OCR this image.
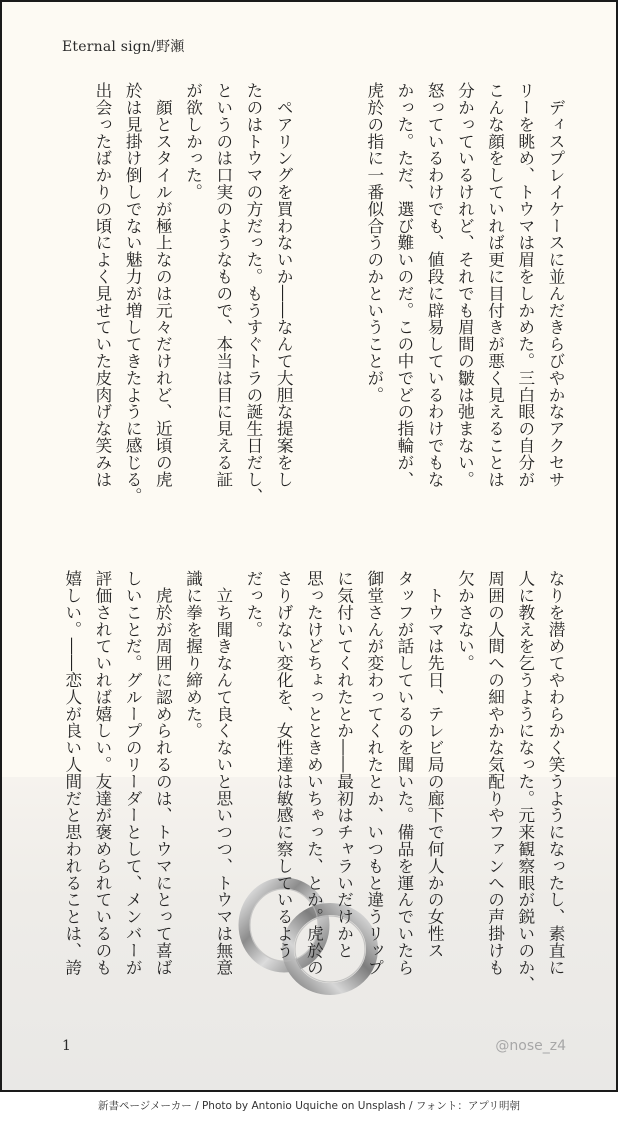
Eternal sign/野瀬
　ディスプレイケースに並んだきらびやかなアクセサ
リーを眺め、トウマは眉をしかめた。三白眼の自分が
こんな顔をしていれば更に目付きが悪く見えることは
分かっているけれど、それでも眉間の皺は弛まない。
怒っているわけでも、値段に辟易しているわけでもな
かった。ただ、選び難いのだ。この中でどの指輪が、
虎於の指に一番似合うのかということが。

　ペアリングを買わないか――なんて大胆な提案をし
たのはトウマの方だった。もうすぐトラの誕生日だし、
というのは口実のようなもので、本当は目に見える証
が欲しかった。
　顔とスタイルが極上なのは元々だけれど、近頃の虎
於は見掛け倒しでない魅力が増してきたように感じる。
出会ったばかりの頃によく見せていた皮肉げな笑みは
なりを潜めてやわらかく笑うようになったし、素直に
人に教えを乞うようになった。元来観察眼が鋭いのか、
周囲の人間への細やかな気配りやファンへの声掛けも
欠かさない。
　トウマは先日、テレビ局の廊下で何人かの女性ス
タッフが話しているのを聞いた。備品を運んでいたら
御堂さんが変わってくれたとか、いつもと違うリップ
に気付いてくれたとか――最初はチャラいだけかと
思ったけどちょっとときめいちゃった、とか。虎於の
さりげない変化を、女性達は敏感に察しているよう
だった。
　立ち聞きなんて良くないと思いつつ、トウマは無意
識に拳を握り締めた。
　虎於が周囲に認められるのは、トウマにとって喜ば
しいことだ。グループのリーダーとして、メンバーが
評価されていれば嬉しい。友達が褒められているのも
嬉しい。――恋人が良い人間だと思われることは、誇
1	@nose_z4
新書ページメーカー / Photo by Antonio Uquiche on Unsplash / フォント：アプリ明朝
